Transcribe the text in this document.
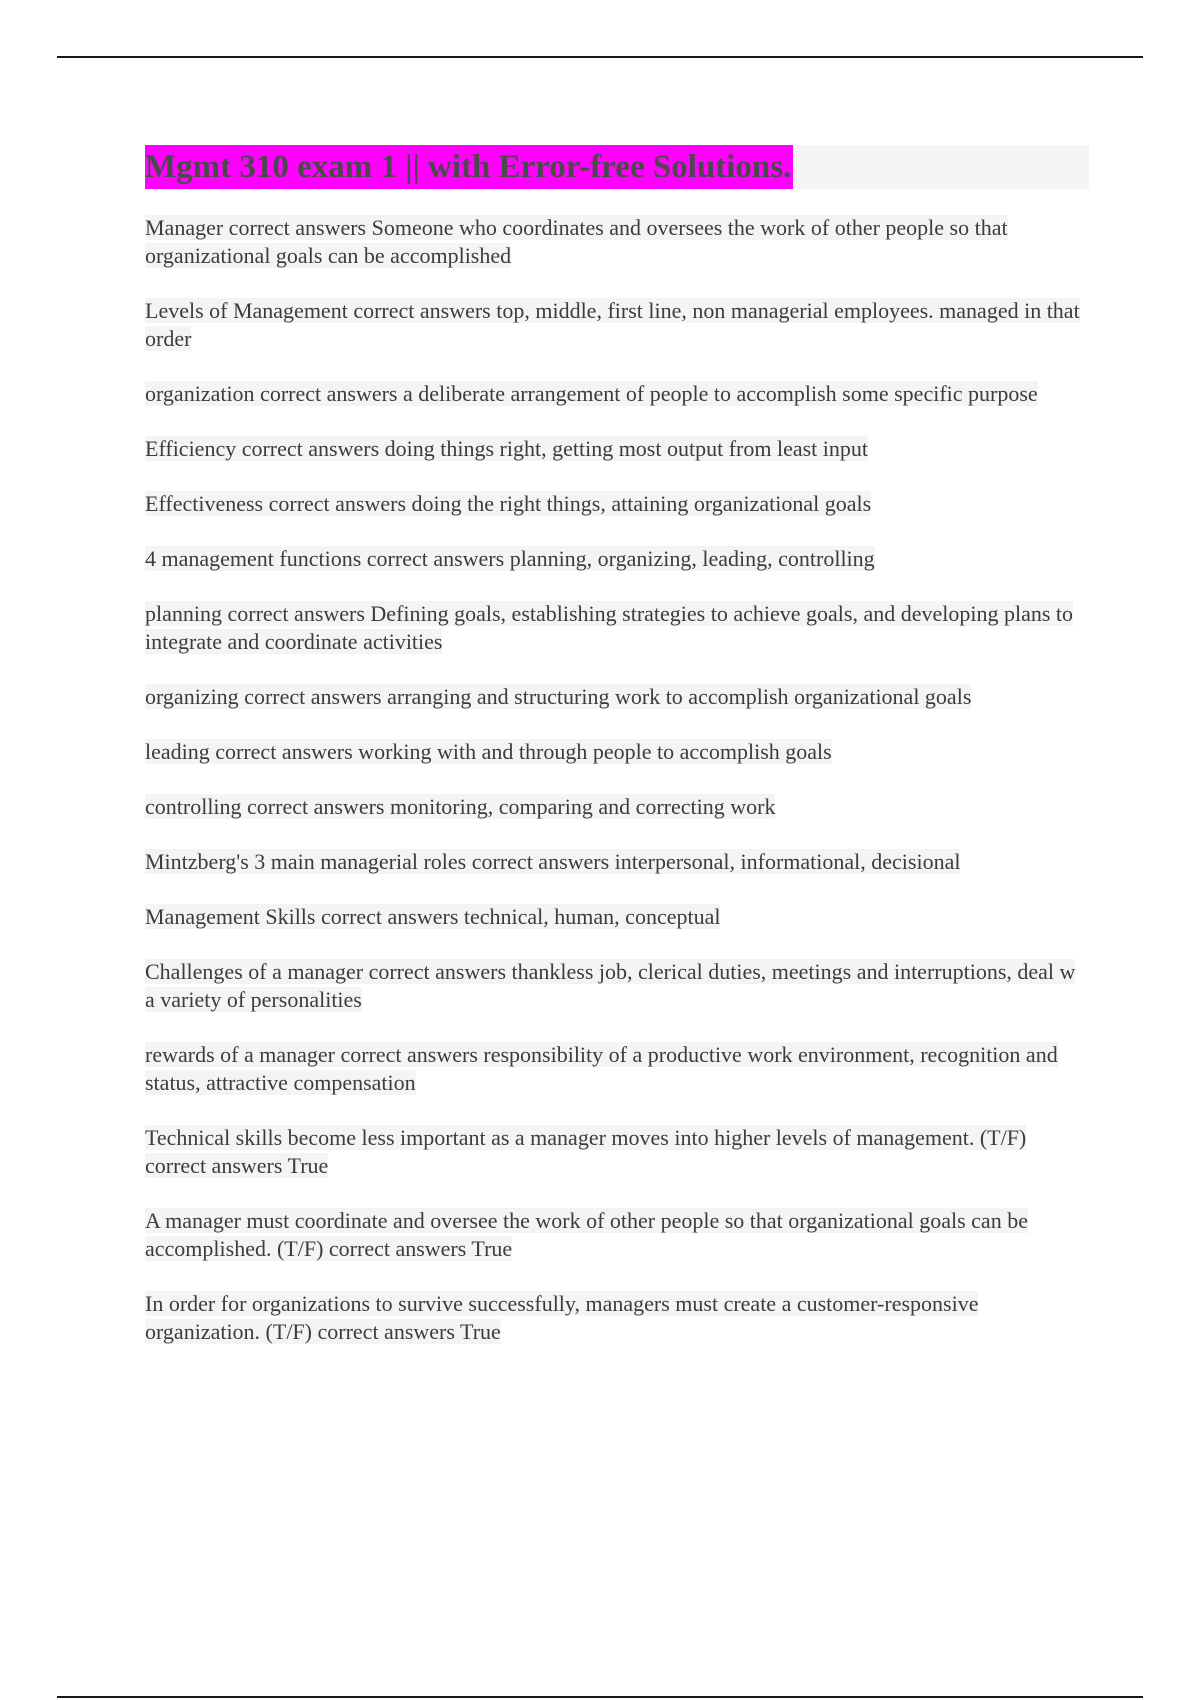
Mgmt 310 exam 1 || with Error-free Solutions.

Manager correct answers Someone who coordinates and oversees the work of other people so that organizational goals can be accomplished

Levels of Management correct answers top, middle, first line, non managerial employees. managed in that order

organization correct answers a deliberate arrangement of people to accomplish some specific purpose

Efficiency correct answers doing things right, getting most output from least input

Effectiveness correct answers doing the right things, attaining organizational goals

4 management functions correct answers planning, organizing, leading, controlling

planning correct answers Defining goals, establishing strategies to achieve goals, and developing plans to integrate and coordinate activities

organizing correct answers arranging and structuring work to accomplish organizational goals

leading correct answers working with and through people to accomplish goals

controlling correct answers monitoring, comparing and correcting work

Mintzberg's 3 main managerial roles correct answers interpersonal, informational, decisional

Management Skills correct answers technical, human, conceptual

Challenges of a manager correct answers thankless job, clerical duties, meetings and interruptions, deal w a variety of personalities

rewards of a manager correct answers responsibility of a productive work environment, recognition and status, attractive compensation

Technical skills become less important as a manager moves into higher levels of management. (T/F) correct answers True

A manager must coordinate and oversee the work of other people so that organizational goals can be accomplished. (T/F) correct answers True

In order for organizations to survive successfully, managers must create a customer-responsive organization. (T/F) correct answers True
